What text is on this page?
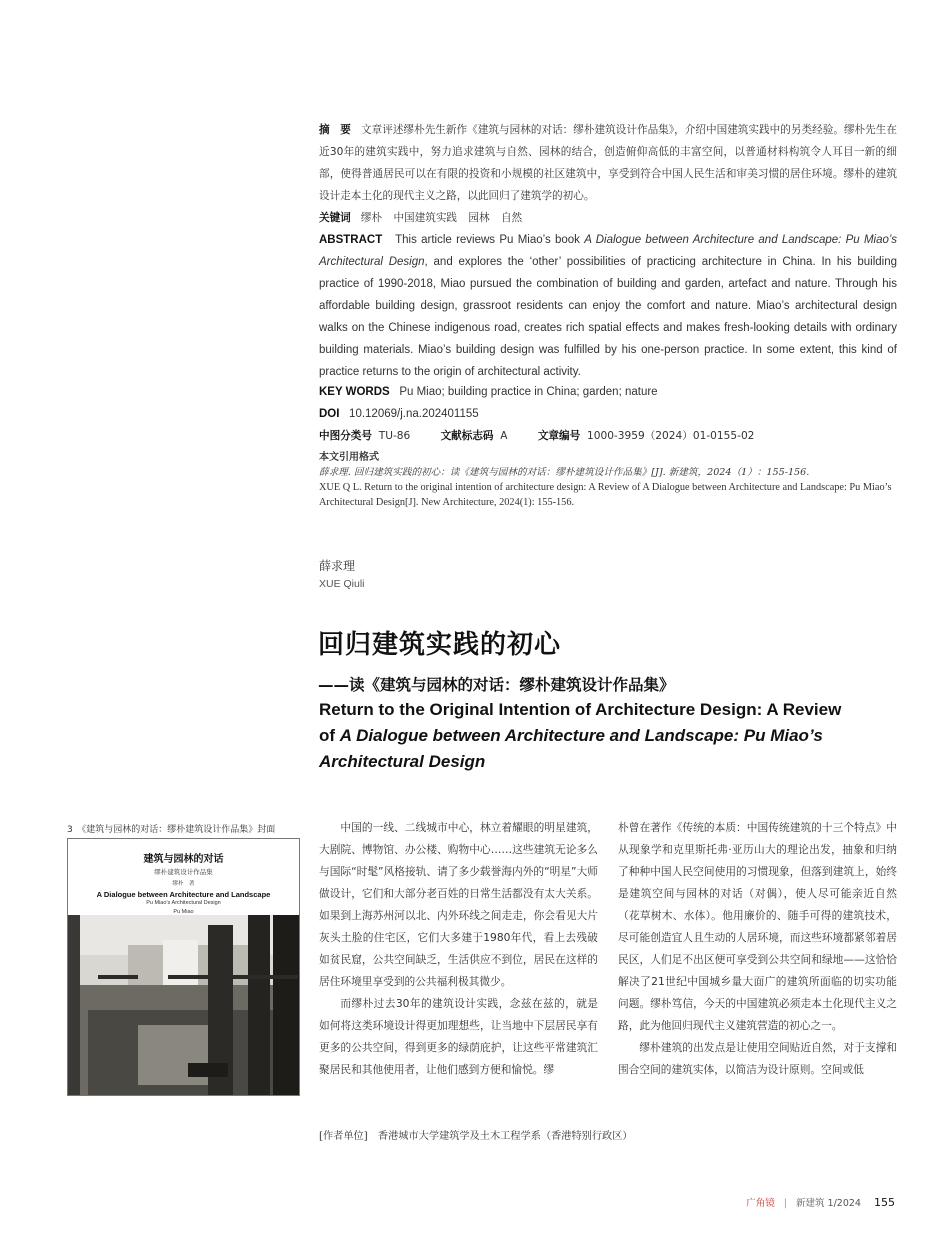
摘　要 文章评述缪朴先生新作《建筑与园林的对话：缪朴建筑设计作品集》，介绍中国建筑实践中的另类经验。缪朴先生在近30年的建筑实践中，努力追求建筑与自然、园林的结合，创造俯仰高低的丰富空间，以普通材料构筑令人耳目一新的细部，使得普通居民可以在有限的投资和小规模的社区建筑中，享受到符合中国人民生活和审美习惯的居住环境。缪朴的建筑设计走本土化的现代主义之路，以此回归了建筑学的初心。
关键词 缪朴 中国建筑实践 园林 自然
ABSTRACT This article reviews Pu Miao’s book A Dialogue between Architecture and Landscape: Pu Miao’s Architectural Design, and explores the ‘other’ possibilities of practicing architecture in China. In his building practice of 1990-2018, Miao pursued the combination of building and garden, artefact and nature. Through his affordable building design, grassroot residents can enjoy the comfort and nature. Miao’s architectural design walks on the Chinese indigenous road, creates rich spatial effects and makes fresh-looking details with ordinary building materials. Miao’s building design was fulfilled by his one-person practice. In some extent, this kind of practice returns to the origin of architectural activity.
KEY WORDS Pu Miao; building practice in China; garden; nature
DOI 10.12069/j.na.202401155
中图分类号 TU-86	文献标志码 A	文章编号 1000-3959（2024）01-0155-02
本文引用格式
薛求理. 回归建筑实践的初心：读《建筑与园林的对话：缪朴建筑设计作品集》[J]. 新建筑，2024（1）：155-156.
XUE Q L. Return to the original intention of architecture design: A Review of A Dialogue between Architecture and Landscape: Pu Miao’s Architectural Design[J]. New Architecture, 2024(1): 155-156.
薛求理
XUE Qiuli
回归建筑实践的初心
——读《建筑与园林的对话：缪朴建筑设计作品集》
Return to the Original Intention of Architecture Design: A Review
of A Dialogue between Architecture and Landscape: Pu Miao’s
Architectural Design
3　《建筑与园林的对话：缪朴建筑设计作品集》封面
建筑与园林的对话
缪朴建筑设计作品集
缪朴　著
A Dialogue between Architecture and Landscape
Pu Miao’s Architectural Design
Pu Miao

中国的一线、二线城市中心，林立着耀眼的明星建筑，大剧院、博物馆、办公楼、购物中心……这些建筑无论多么与国际“时髦”风格接轨、请了多少载誉海内外的“明星”大师做设计，它们和大部分老百姓的日常生活都没有太大关系。如果到上海苏州河以北、内外环线之间走走，你会看见大片灰头土脸的住宅区，它们大多建于1980年代，看上去残破如贫民窟，公共空间缺乏，生活供应不到位，居民在这样的居住环境里享受到的公共福利极其微少。

而缪朴过去30年的建筑设计实践，念兹在兹的，就是如何将这类环境设计得更加理想些，让当地中下层居民享有更多的公共空间，得到更多的绿荫庇护，让这些平常建筑汇聚居民和其他使用者，让他们感到方便和愉悦。缪

朴曾在著作《传统的本质：中国传统建筑的十三个特点》中从现象学和克里斯托弗·亚历山大的理论出发，抽象和归纳了种种中国人民空间使用的习惯现象，但落到建筑上，始终是建筑空间与园林的对话（对偶），使人尽可能亲近自然（花草树木、水体）。他用廉价的、随手可得的建筑技术，尽可能创造宜人且生动的人居环境，而这些环境都紧邻着居民区，人们足不出区便可享受到公共空间和绿地——这恰恰解决了21世纪中国城乡量大面广的建筑所面临的切实功能问题。缪朴笃信，今天的中国建筑必须走本土化现代主义之路，此为他回归现代主义建筑营造的初心之一。

缪朴建筑的出发点是让使用空间贴近自然，对于支撑和围合空间的建筑实体，以简洁为设计原则。空间或低

[作者单位]　香港城市大学建筑学及土木工程学系（香港特别行政区）
广角镜 | 新建筑 1/2024 155
